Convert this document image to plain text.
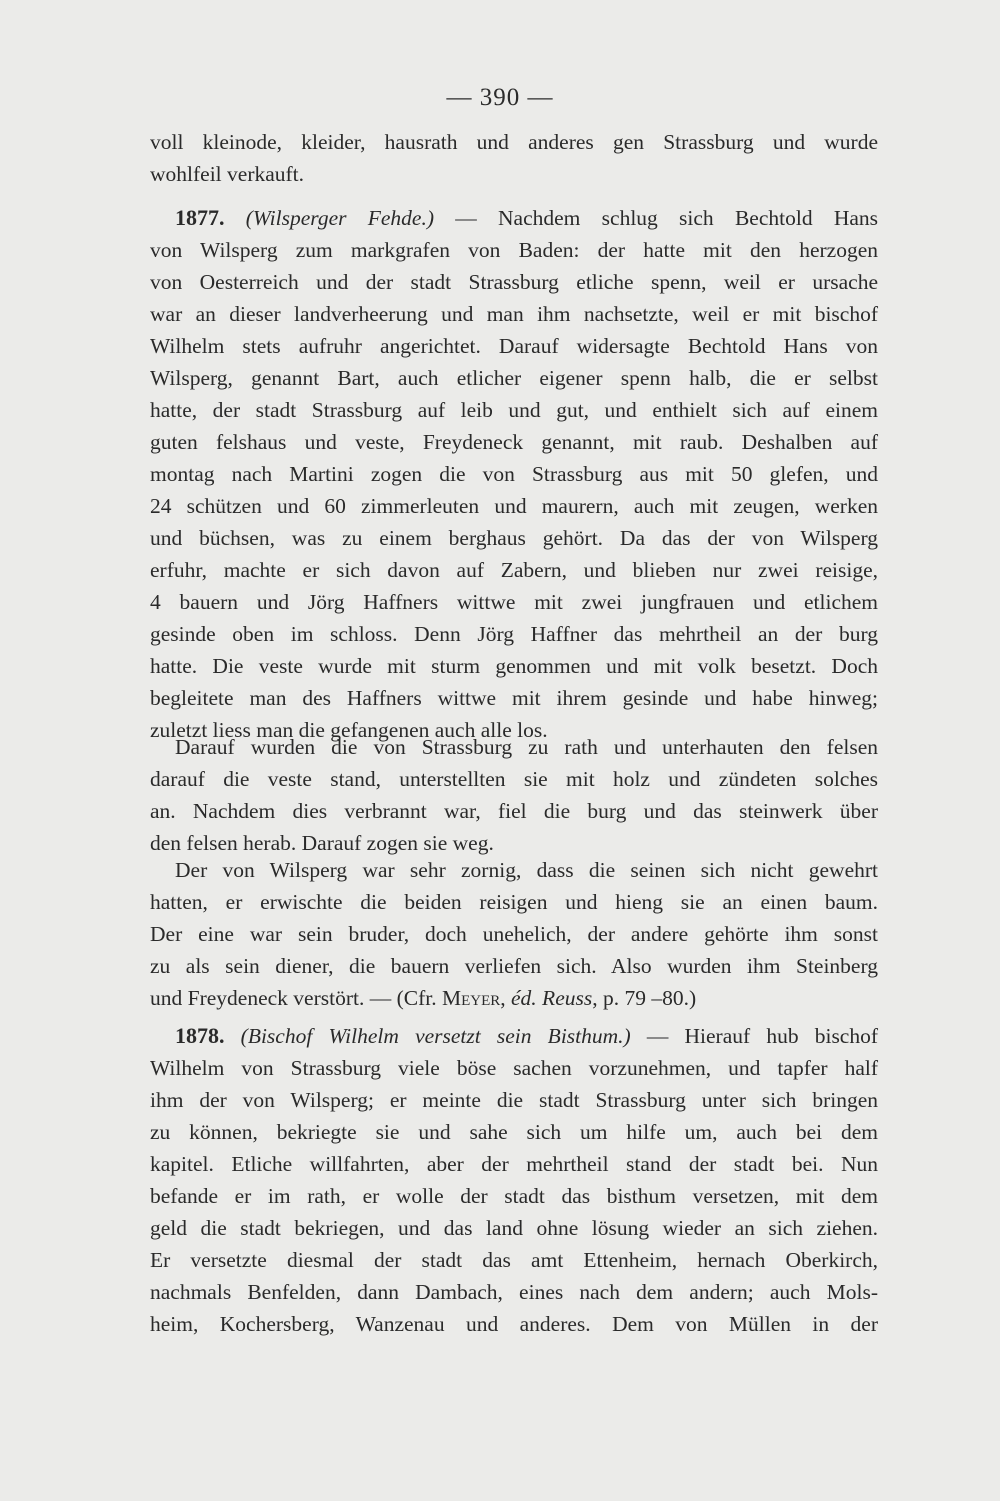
— 390 —
voll kleinode, kleider, hausrath und anderes gen Strassburg und wurde
wohlfeil verkauft.
1877. (Wilsperger Fehde.) — Nachdem schlug sich Bechtold Hans
von Wilsperg zum markgrafen von Baden: der hatte mit den herzogen
von Oesterreich und der stadt Strassburg etliche spenn, weil er ursache
war an dieser landverheerung und man ihm nachsetzte, weil er mit bischof
Wilhelm stets aufruhr angerichtet. Darauf widersagte Bechtold Hans von
Wilsperg, genannt Bart, auch etlicher eigener spenn halb, die er selbst
hatte, der stadt Strassburg auf leib und gut, und enthielt sich auf einem
guten felshaus und veste, Freydeneck genannt, mit raub. Deshalben auf
montag nach Martini zogen die von Strassburg aus mit 50 glefen, und
24 schützen und 60 zimmerleuten und maurern, auch mit zeugen, werken
und büchsen, was zu einem berghaus gehört. Da das der von Wilsperg
erfuhr, machte er sich davon auf Zabern, und blieben nur zwei reisige,
4 bauern und Jörg Haffners wittwe mit zwei jungfrauen und etlichem
gesinde oben im schloss. Denn Jörg Haffner das mehrtheil an der burg
hatte. Die veste wurde mit sturm genommen und mit volk besetzt. Doch
begleitete man des Haffners wittwe mit ihrem gesinde und habe hinweg;
zuletzt liess man die gefangenen auch alle los.
Darauf wurden die von Strassburg zu rath und unterhauten den felsen
darauf die veste stand, unterstellten sie mit holz und zündeten solches
an. Nachdem dies verbrannt war, fiel die burg und das steinwerk über
den felsen herab. Darauf zogen sie weg.
Der von Wilsperg war sehr zornig, dass die seinen sich nicht gewehrt
hatten, er erwischte die beiden reisigen und hieng sie an einen baum.
Der eine war sein bruder, doch unehelich, der andere gehörte ihm sonst
zu als sein diener, die bauern verliefen sich. Also wurden ihm Steinberg
und Freydeneck verstört. — (Cfr. Meyer, éd. Reuss, p. 79 –80.)
1878. (Bischof Wilhelm versetzt sein Bisthum.) — Hierauf hub bischof
Wilhelm von Strassburg viele böse sachen vorzunehmen, und tapfer half
ihm der von Wilsperg; er meinte die stadt Strassburg unter sich bringen
zu können, bekriegte sie und sahe sich um hilfe um, auch bei dem
kapitel. Etliche willfahrten, aber der mehrtheil stand der stadt bei. Nun
befande er im rath, er wolle der stadt das bisthum versetzen, mit dem
geld die stadt bekriegen, und das land ohne lösung wieder an sich ziehen.
Er versetzte diesmal der stadt das amt Ettenheim, hernach Oberkirch,
nachmals Benfelden, dann Dambach, eines nach dem andern; auch Mols-
heim, Kochersberg, Wanzenau und anderes. Dem von Müllen in der
